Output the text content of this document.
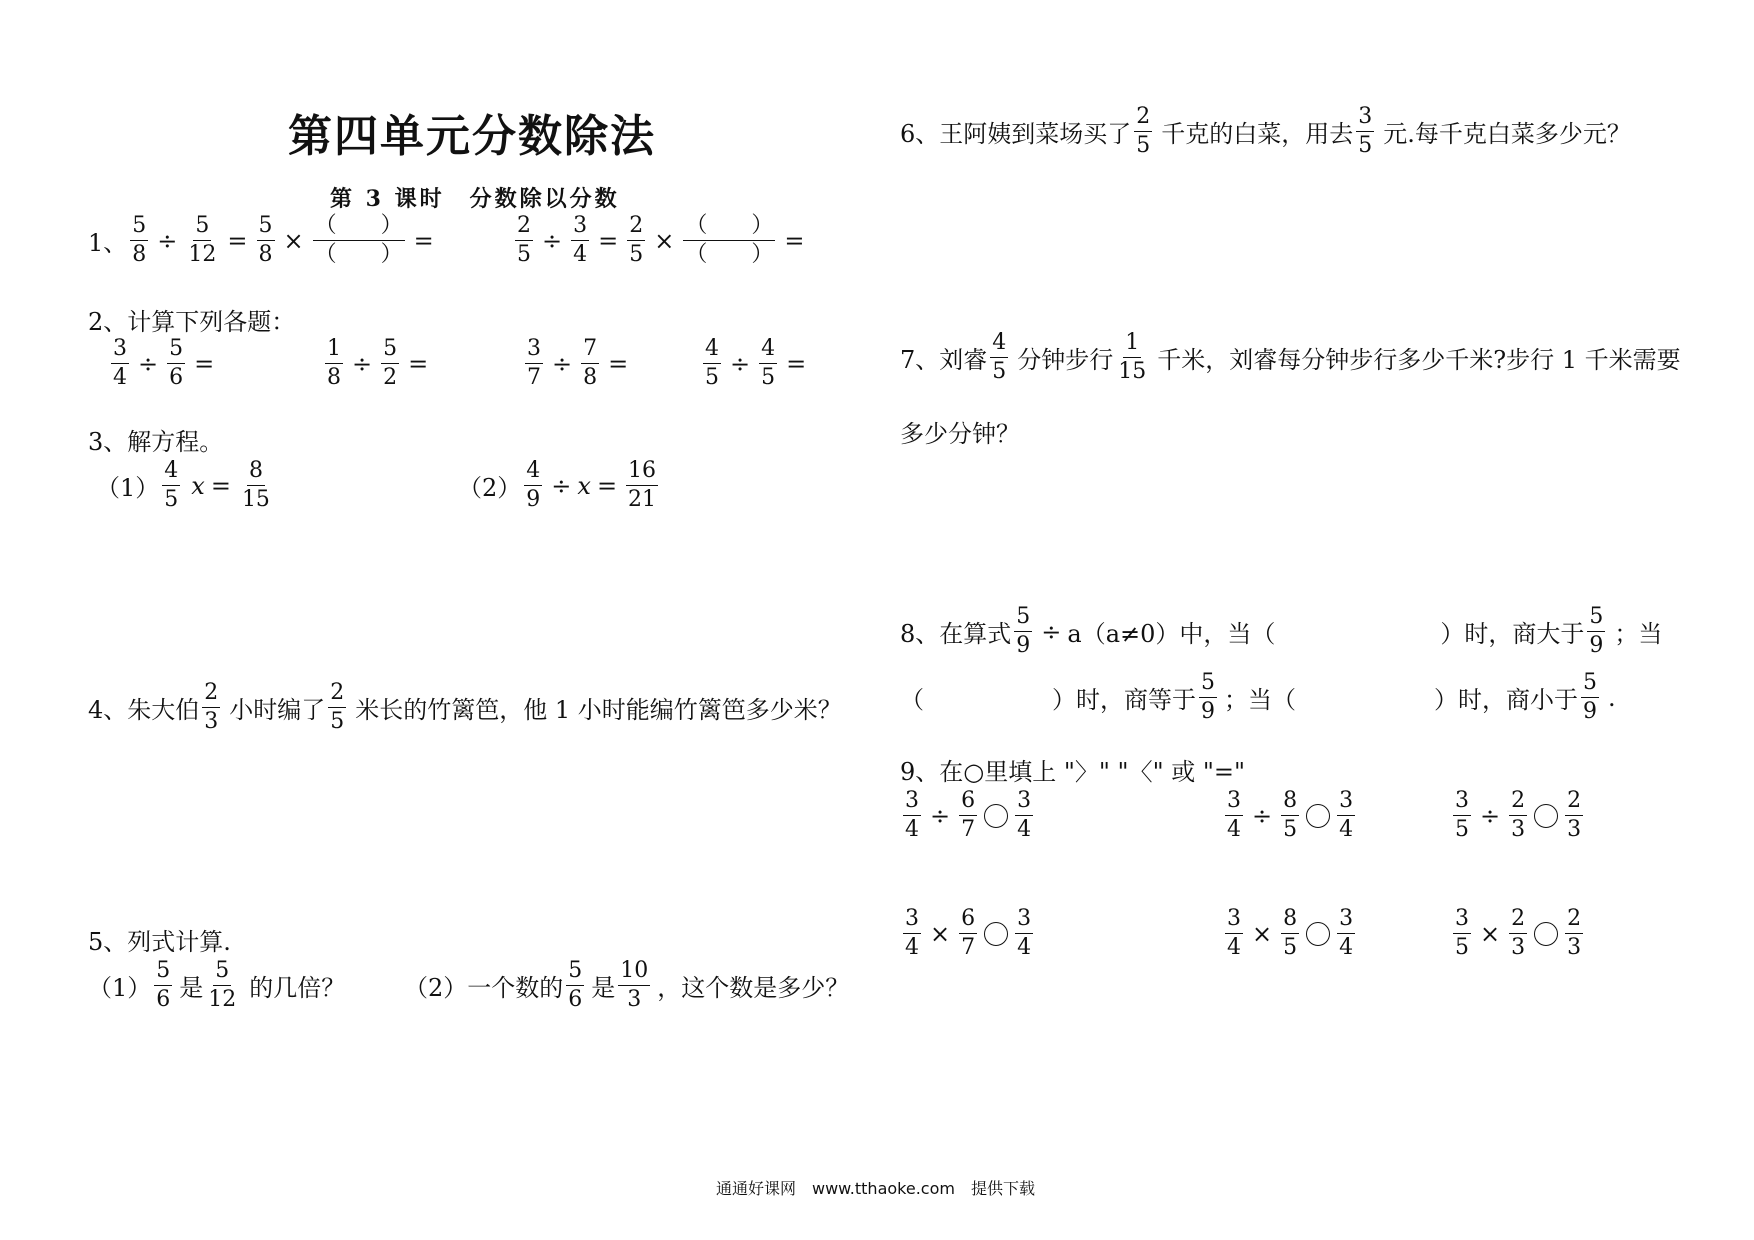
第四单元分数除法
第 3 课时　分数除以分数
1、 $\frac{5}{8} \div \frac{5}{12} = \frac{5}{8} \times \frac{( )}{( )}$ =	$\frac{2}{5} \div \frac{3}{4} = \frac{2}{5} \times \frac{( )}{( )}$ =
2、计算下列各题：
$\frac{3}{4} \div \frac{5}{6}$ =	$\frac{1}{8} \div \frac{5}{2}$ =	$\frac{3}{7} \div \frac{7}{8}$ =	$\frac{4}{5} \div \frac{4}{5}$ =
3、解方程。
$(1) \frac{4}{5}$ $x = \frac{8}{15}$	$(2) \frac{4}{9} \div x = \frac{16}{21}$
4、朱大伯 $\frac{2}{3}$ 小时编了 $\frac{2}{5}$ 米长的竹篱笆，他 1 小时能编竹篱笆多少米？
5、列式计算.
$(1) \frac{5}{6}$ 是 $\frac{5}{12}$ 的几倍？ （2）一个数的 $\frac{5}{6}$ 是 $\frac{10}{3}$ ，这个数是多少？
6、王阿姨到菜场买了 $\frac{2}{5}$ 千克的白菜，用去 $\frac{3}{5}$ 元.每千克白菜多少元？
7、刘睿 $\frac{4}{5}$ 分钟步行 $\frac{1}{15}$ 千米，刘睿每分钟步行多少千米?步行 1 千米需要
多少分钟？
8、在算式 $\frac{5}{9} \div a(a\ne 0)$中，当（	）时，商大于 $\frac{5}{9}$ ；当
（	）时，商等于 $\frac{5}{9}$ ；当（	）时，商小于 $\frac{5}{9}$ .
9、在○里填上 "〉" "〈" 或 "="
$\frac{3}{4} \div \frac{6}{7} \frac{3}{4}$	$\frac{3}{4} \div \frac{8}{5} \frac{3}{4}$	$\frac{3}{5} \div \frac{2}{3} \frac{2}{3}$
$\frac{3}{4} \times \frac{6}{7} \frac{3}{4}$	$\frac{3}{4} \times \frac{8}{5} \frac{3}{4}$	$\frac{3}{5} \times \frac{2}{3} \frac{2}{3}$
通通好课网　www.tthaoke.com　提供下载
